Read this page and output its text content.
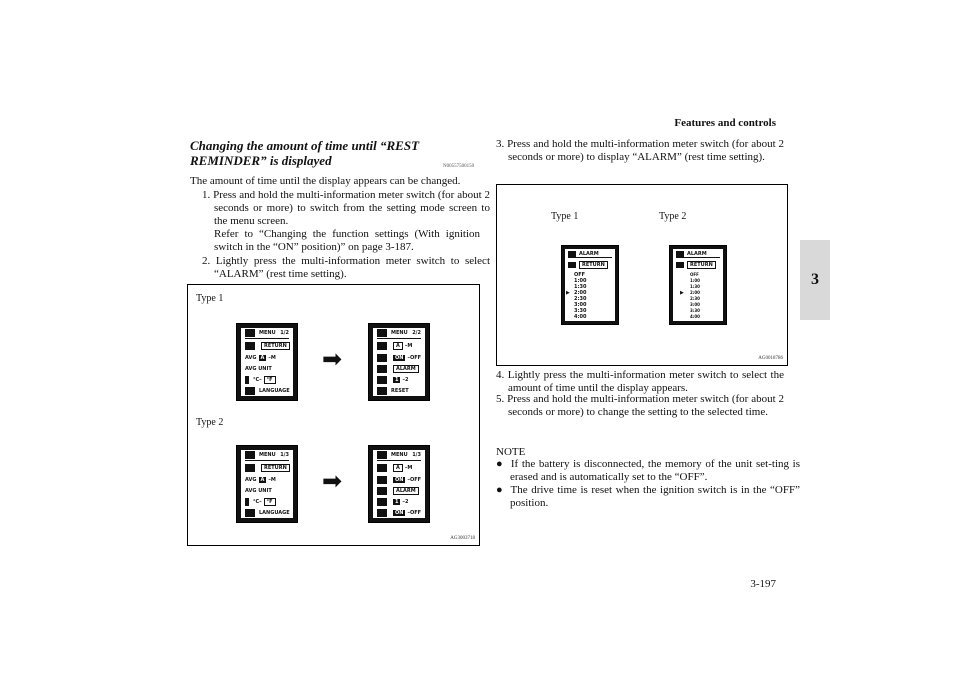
Features and controls
3
3-197
Changing the amount of time until “REST REMINDER” is displayed	N00557500150
The amount of time until the display appears can be changed.
1. Press and hold the multi-information meter switch (for about 2 seconds or more) to switch from the setting mode screen to the menu screen.
Refer to “Changing the function settings (With ignition switch in the “ON” position)” on page 3-187.
2. Lightly press the multi-information meter switch to select “ALARM” (rest time setting).
Type 1
Type 2
MENU 1/2
RETURN
AVG A – M
AVG UNIT
°C –	°F
LANGUAGE
➡
MENU 2/2
A	– M
ON – OFF
ALARM
1 – 2
RESET
MENU 1/3
RETURN
AVG A – M
AVG UNIT
°C –	°F
LANGUAGE
➡
MENU 1/3
A	– M
ON – OFF
ALARM
1 – 2
ON – OFF
AG3003718
3. Press and hold the multi-information meter switch (for about 2 seconds or more) to display “ALARM” (rest time setting).
Type 1	Type 2
ALARM
RETURN
OFF
1:00
1:30
2:00
2:30
3:00
3:30
4:00
▶
ALARM
RETURN
OFF
1:00
1:30
2:00
2:30
3:00
3:30
4:00
▶
AG0018786
4. Lightly press the multi-information meter switch to select the amount of time until the display appears.
5. Press and hold the multi-information meter switch (for about 2 seconds or more) to change the setting to the selected time.
NOTE
●  If the battery is disconnected, the memory of the unit set-ting is erased and is automatically set to the “OFF”.
●  The drive time is reset when the ignition switch is in the “OFF” position.
